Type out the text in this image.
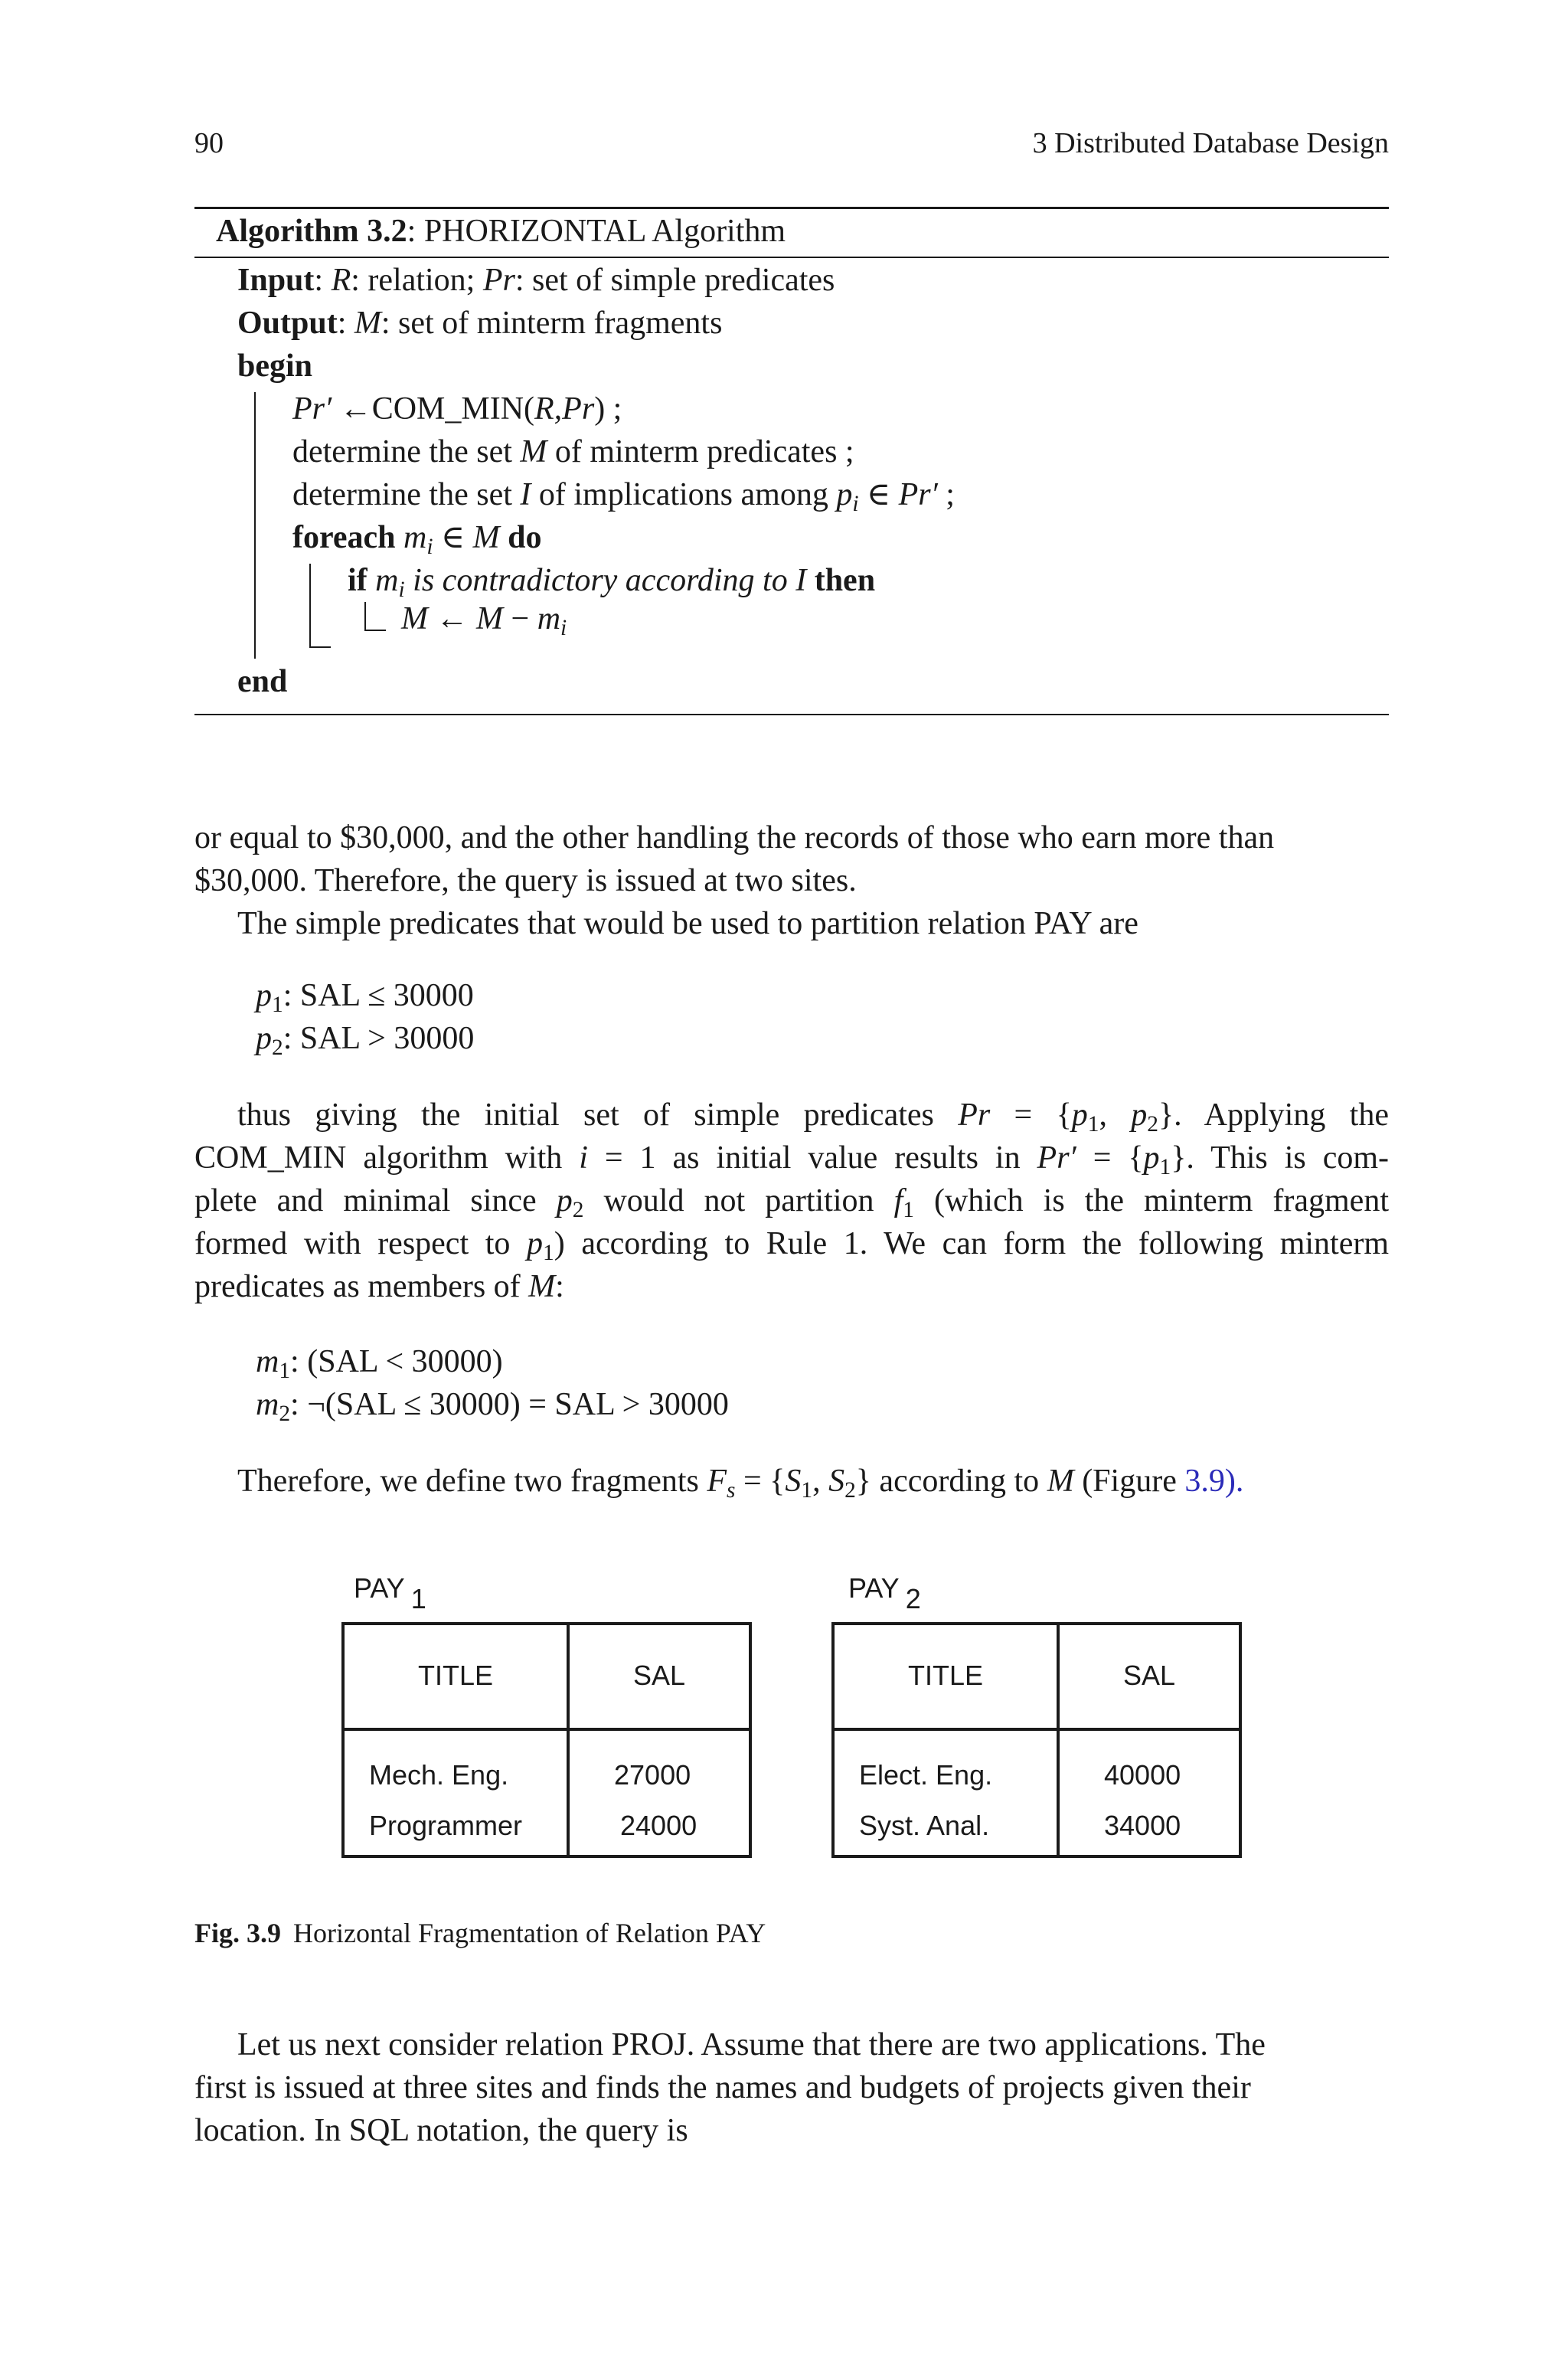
90	3 Distributed Database Design
Algorithm 3.2: PHORIZONTAL Algorithm
Input: R: relation; Pr: set of simple predicates
Output: M: set of minterm fragments
begin
Pr′ ←COM_MIN(R,Pr) ;
determine the set M of minterm predicates ;
determine the set I of implications among $p_i$ ∈ Pr′ ;
foreach $m_i$ ∈ M do
if $m_i$ is contradictory according to I then
M ← $M - m_i$
end
or equal to $30,000, and the other handling the records of those who earn more than
$30,000. Therefore, the query is issued at two sites.
The simple predicates that would be used to partition relation PAY are
$p_1$: SAL ≤ 30000
$p_2$: SAL > 30000
thus giving the initial set of simple predicates $Pr = \{p_1$, $p_2$}. Applying the
COM_MIN algorithm with i = 1 as initial value results in $Pr' = \{p_1\}$. This is com-
plete and minimal since $p_2$ would not partition $f_1$ (which is the minterm fragment
formed with respect to $p_1$) according to Rule 1. We can form the following minterm
predicates as members of M:
$m_1$: (SAL < 30000)
$m_2$: ¬(SAL ≤ 30000) = SAL > 30000
Therefore, we define two fragments $F_s = \{S_1$, $S_2$} according to M (Figure 3.9).
PAY 1
TITLE	SAL
Mech. Eng.	27000
Programmer	24000
PAY 2
TITLE	SAL
Elect. Eng.	40000
Syst. Anal.	34000
Fig. 3.9 Horizontal Fragmentation of Relation PAY
Let us next consider relation PROJ. Assume that there are two applications. The
first is issued at three sites and finds the names and budgets of projects given their
location. In SQL notation, the query is
